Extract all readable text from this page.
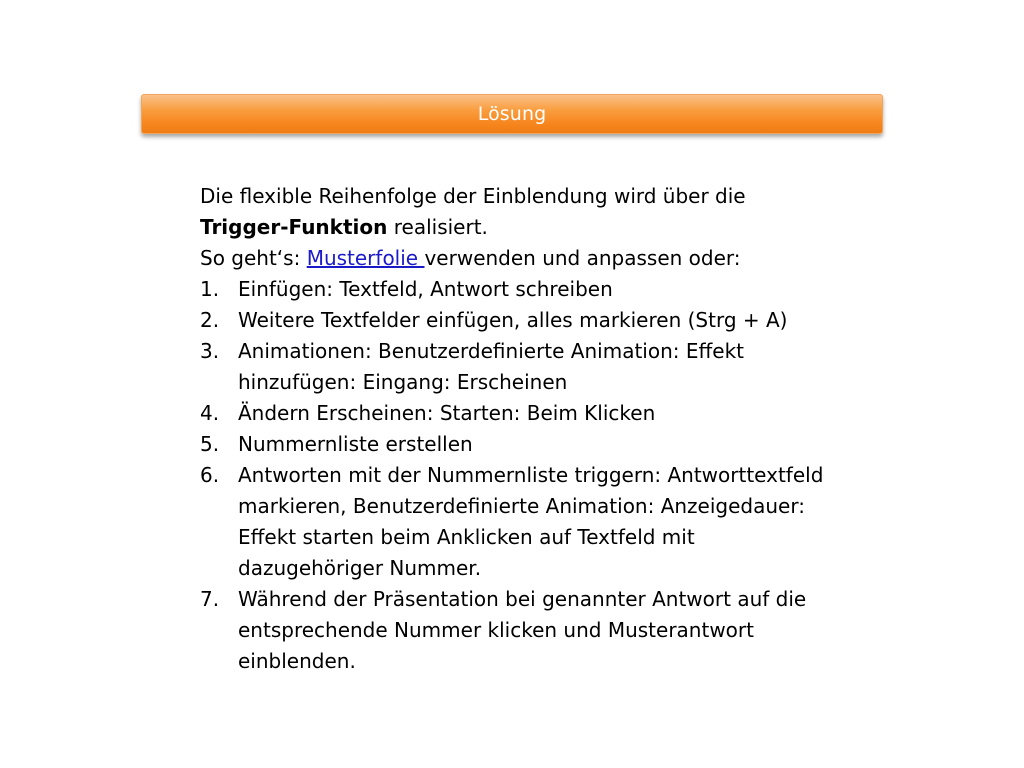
Lösung

Die flexible Reihenfolge der Einblendung wird über die

Trigger-Funktion realisiert.

So geht‘s: Musterfolie verwenden und anpassen oder:

1. Einfügen: Textfeld, Antwort schreiben
2. Weitere Textfelder einfügen, alles markieren (Strg + A)
3. Animationen: Benutzerdefinierte Animation: Effekt hinzufügen: Eingang: Erscheinen
4. Ändern Erscheinen: Starten: Beim Klicken
5. Nummernliste erstellen
6. Antworten mit der Nummernliste triggern: Antworttextfeld markieren, Benutzerdefinierte Animation: Anzeigedauer: Effekt starten beim Anklicken auf Textfeld mit dazugehöriger Nummer.
7. Während der Präsentation bei genannter Antwort auf die entsprechende Nummer klicken und Musterantwort einblenden.
